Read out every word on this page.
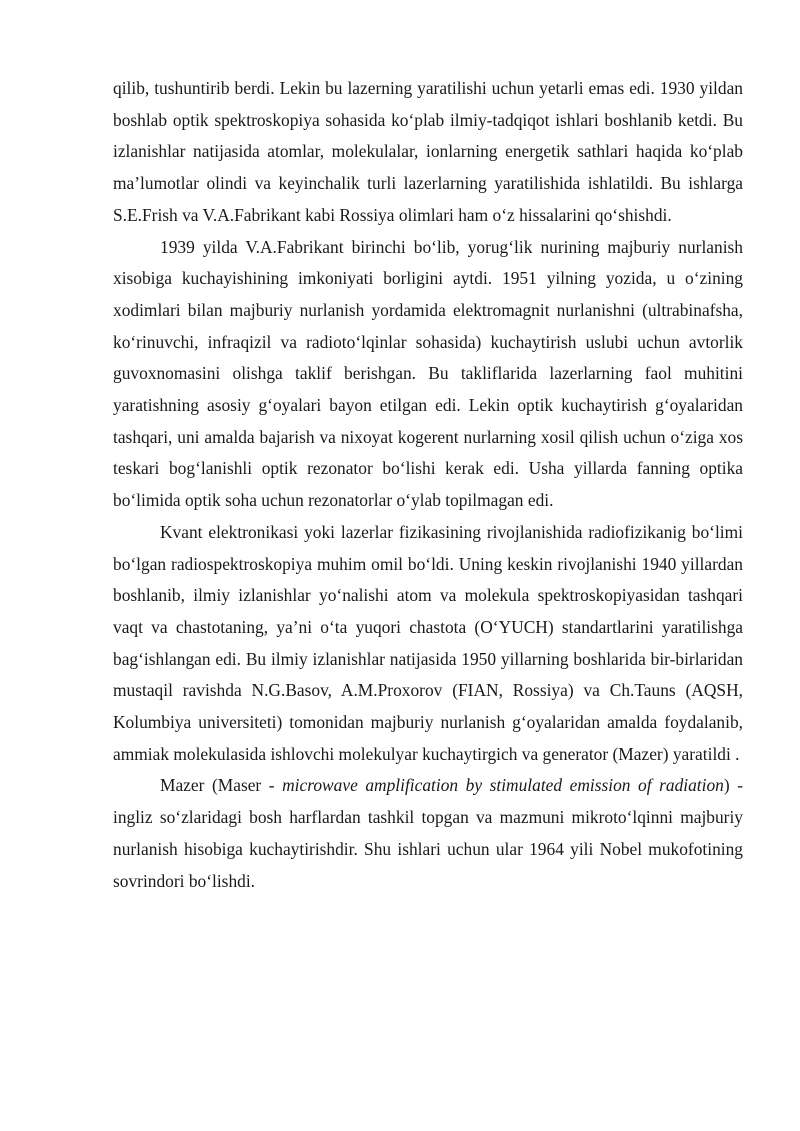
qilib, tushuntirib berdi. Lekin bu lazerning yaratilishi uchun yetarli emas edi. 1930 yildan boshlab optik spektroskopiya sohasida ko‘plab ilmiy-tadqiqot ishlari boshlanib ketdi. Bu izlanishlar natijasida atomlar, molekulalar, ionlarning energetik sathlari haqida ko‘plab ma’lumotlar olindi va keyinchalik turli lazerlarning yaratilishida ishlatildi. Bu ishlarga S.E.Frish va V.A.Fabrikant kabi Rossiya olimlari ham o‘z hissalarini qo‘shishdi.

1939 yilda V.A.Fabrikant birinchi bo‘lib, yorug‘lik nurining majburiy nurlanish xisobiga kuchayishining imkoniyati borligini aytdi. 1951 yilning yozida, u o‘zining xodimlari bilan majburiy nurlanish yordamida elektromagnit nurlanishni (ultrabinafsha, ko‘rinuvchi, infraqizil va radioto‘lqinlar sohasida) kuchaytirish uslubi uchun avtorlik guvoxnomasini olishga taklif berishgan. Bu takliflarida lazerlarning faol muhitini yaratishning asosiy g‘oyalari bayon etilgan edi. Lekin optik kuchaytirish g‘oyalaridan tashqari, uni amalda bajarish va nixoyat kogerent nurlarning xosil qilish uchun o‘ziga xos teskari bog‘lanishli optik rezonator bo‘lishi kerak edi. Usha yillarda fanning optika bo‘limida optik soha uchun rezonatorlar o‘ylab topilmagan edi.

Kvant elektronikasi yoki lazerlar fizikasining rivojlanishida radiofizikanig bo‘limi bo‘lgan radiospektroskopiya muhim omil bo‘ldi. Uning keskin rivojlanishi 1940 yillardan boshlanib, ilmiy izlanishlar yo‘nalishi atom va molekula spektroskopiyasidan tashqari vaqt va chastotaning, ya’ni o‘ta yuqori chastota (O‘YUCH) standartlarini yaratilishga bag‘ishlangan edi. Bu ilmiy izlanishlar natijasida 1950 yillarning boshlarida bir-birlaridan mustaqil ravishda N.G.Basov, A.M.Proxorov (FIAN, Rossiya) va Ch.Tauns (AQSH, Kolumbiya universiteti) tomonidan majburiy nurlanish g‘oyalaridan amalda foydalanib, ammiak molekulasida ishlovchi molekulyar kuchaytirgich va generator (Mazer) yaratildi .

Mazer (Maser - microwave amplification by stimulated emission of radiation) - ingliz so‘zlaridagi bosh harflardan tashkil topgan va mazmuni mikroto‘lqinni majburiy nurlanish hisobiga kuchaytirishdir. Shu ishlari uchun ular 1964 yili Nobel mukofotining sovrindori bo‘lishdi.
